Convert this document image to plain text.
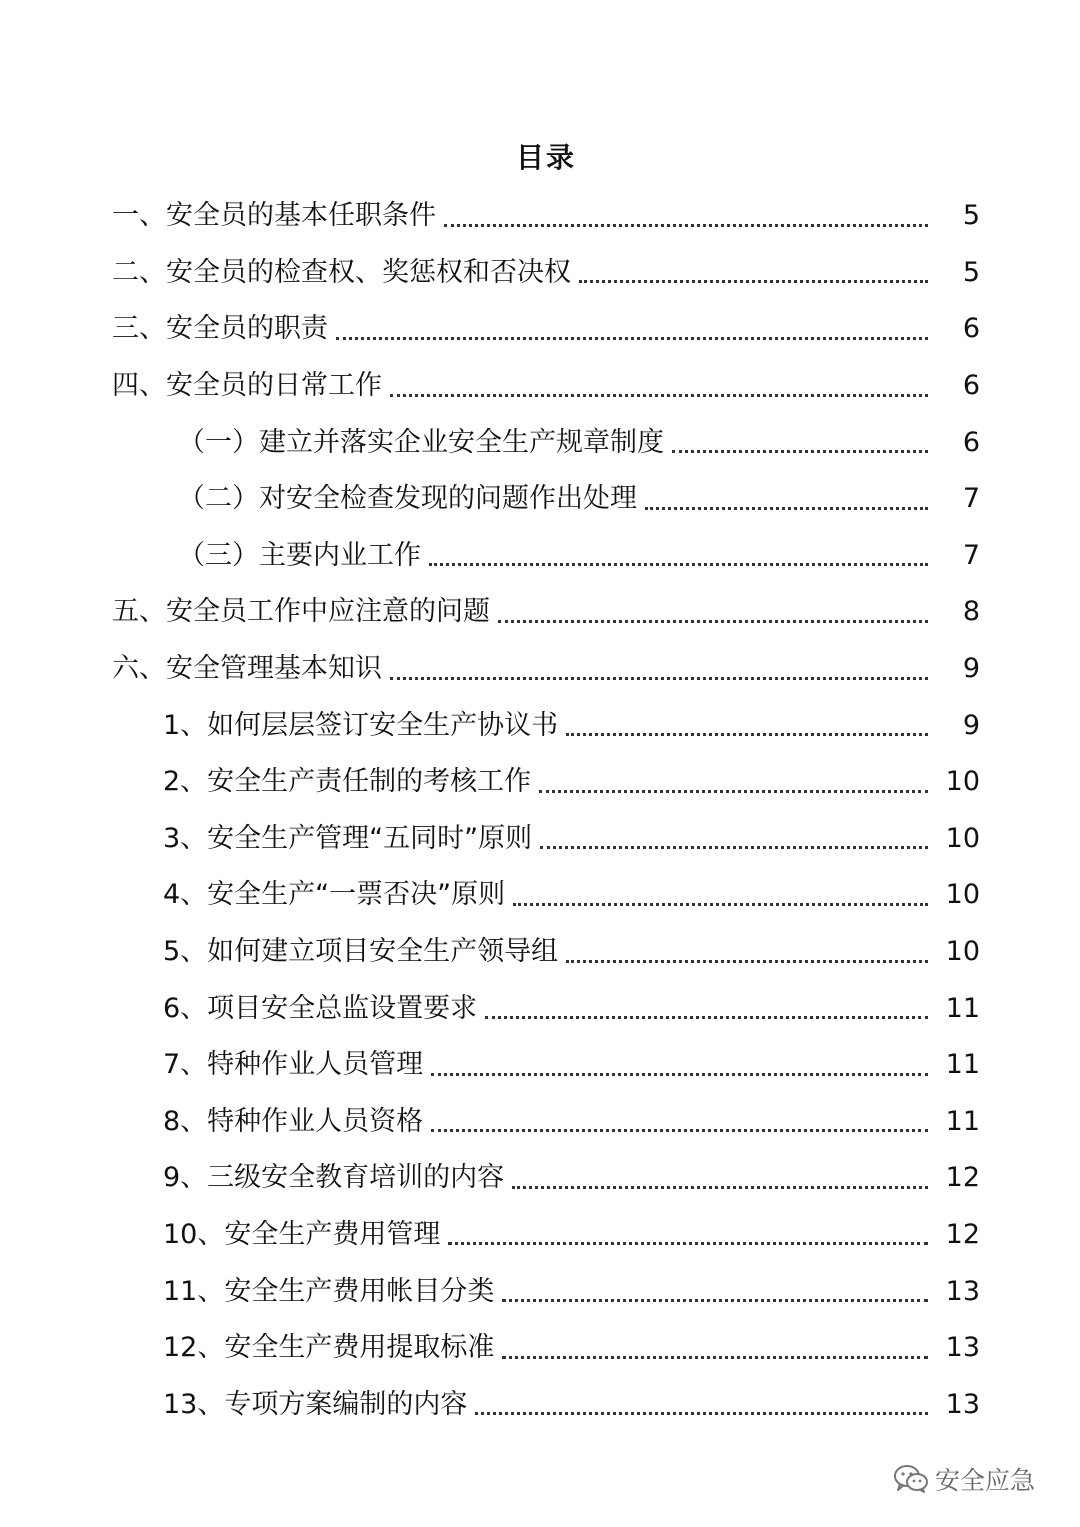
目录
一、安全员的基本任职条件	5
二、安全员的检查权、奖惩权和否决权	5
三、安全员的职责	6
四、安全员的日常工作	6
（一）建立并落实企业安全生产规章制度	6
（二）对安全检查发现的问题作出处理	7
（三）主要内业工作	7
五、安全员工作中应注意的问题	8
六、安全管理基本知识	9
1、如何层层签订安全生产协议书	9
2、安全生产责任制的考核工作	10
3、安全生产管理“五同时”原则	10
4、安全生产“一票否决”原则	10
5、如何建立项目安全生产领导组	10
6、项目安全总监设置要求	11
7、特种作业人员管理	11
8、特种作业人员资格	11
9、三级安全教育培训的内容	12
10、安全生产费用管理	12
11、安全生产费用帐目分类	13
12、安全生产费用提取标准	13
13、专项方案编制的内容	13
安全应急
